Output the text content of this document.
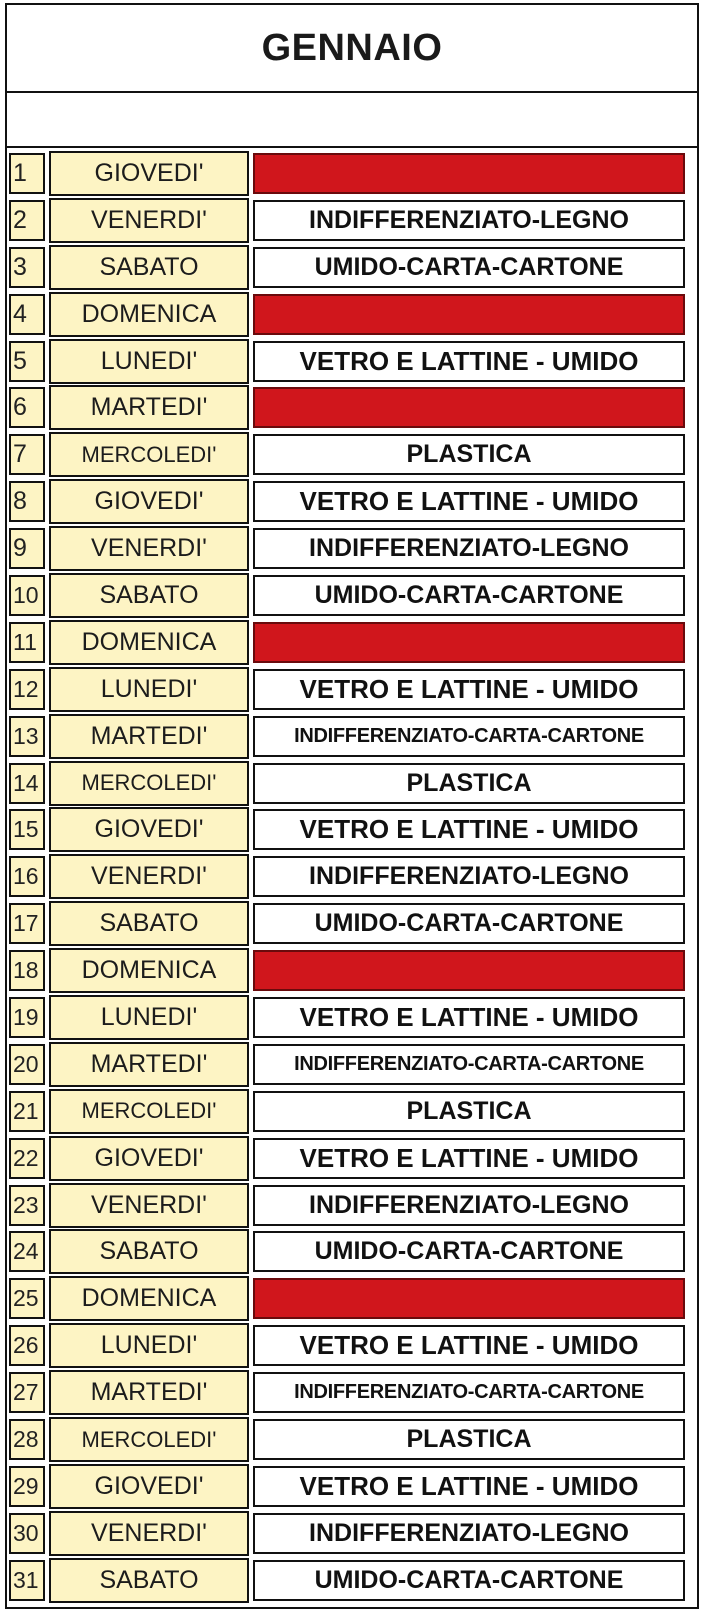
GENNAIO
1	GIOVEDI'
2	VENERDI'	INDIFFERENZIATO-LEGNO
3	SABATO	UMIDO-CARTA-CARTONE
4	DOMENICA
5	LUNEDI'	VETRO E LATTINE - UMIDO
6	MARTEDI'
7	MERCOLEDI'	PLASTICA
8	GIOVEDI'	VETRO E LATTINE - UMIDO
9	VENERDI'	INDIFFERENZIATO-LEGNO
10	SABATO	UMIDO-CARTA-CARTONE
11	DOMENICA
12	LUNEDI'	VETRO E LATTINE - UMIDO
13	MARTEDI'	INDIFFERENZIATO-CARTA-CARTONE
14	MERCOLEDI'	PLASTICA
15	GIOVEDI'	VETRO E LATTINE - UMIDO
16	VENERDI'	INDIFFERENZIATO-LEGNO
17	SABATO	UMIDO-CARTA-CARTONE
18	DOMENICA
19	LUNEDI'	VETRO E LATTINE - UMIDO
20	MARTEDI'	INDIFFERENZIATO-CARTA-CARTONE
21	MERCOLEDI'	PLASTICA
22	GIOVEDI'	VETRO E LATTINE - UMIDO
23	VENERDI'	INDIFFERENZIATO-LEGNO
24	SABATO	UMIDO-CARTA-CARTONE
25	DOMENICA
26	LUNEDI'	VETRO E LATTINE - UMIDO
27	MARTEDI'	INDIFFERENZIATO-CARTA-CARTONE
28	MERCOLEDI'	PLASTICA
29	GIOVEDI'	VETRO E LATTINE - UMIDO
30	VENERDI'	INDIFFERENZIATO-LEGNO
31	SABATO	UMIDO-CARTA-CARTONE
